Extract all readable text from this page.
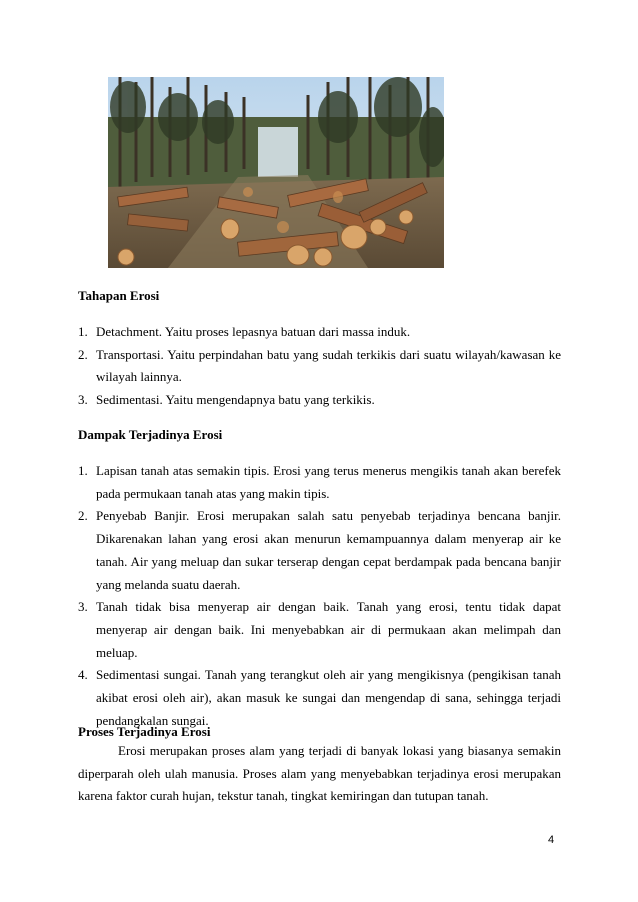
Tahapan Erosi
1. Detachment. Yaitu proses lepasnya batuan dari massa induk.
2. Transportasi. Yaitu perpindahan batu yang sudah terkikis dari suatu wilayah/kawasan ke wilayah lainnya.
3. Sedimentasi. Yaitu mengendapnya batu yang terkikis.
Dampak Terjadinya Erosi
1. Lapisan tanah atas semakin tipis. Erosi yang terus menerus mengikis tanah akan berefek pada permukaan tanah atas yang makin tipis.
2. Penyebab Banjir. Erosi merupakan salah satu penyebab terjadinya bencana banjir. Dikarenakan lahan yang erosi akan menurun kemampuannya dalam menyerap air ke tanah. Air yang meluap dan sukar terserap dengan cepat berdampak pada bencana banjir yang melanda suatu daerah.
3. Tanah tidak bisa menyerap air dengan baik. Tanah yang erosi, tentu tidak dapat menyerap air dengan baik. Ini menyebabkan air di permukaan akan melimpah dan meluap.
4. Sedimentasi sungai. Tanah yang terangkut oleh air yang mengikisnya (pengikisan tanah akibat erosi oleh air), akan masuk ke sungai dan mengendap di sana, sehingga terjadi pendangkalan sungai.
Proses Terjadinya Erosi

Erosi merupakan proses alam yang terjadi di banyak lokasi yang biasanya semakin diperparah oleh ulah manusia. Proses alam yang menyebabkan terjadinya erosi merupakan karena faktor curah hujan, tekstur tanah, tingkat kemiringan dan tutupan tanah.

4
